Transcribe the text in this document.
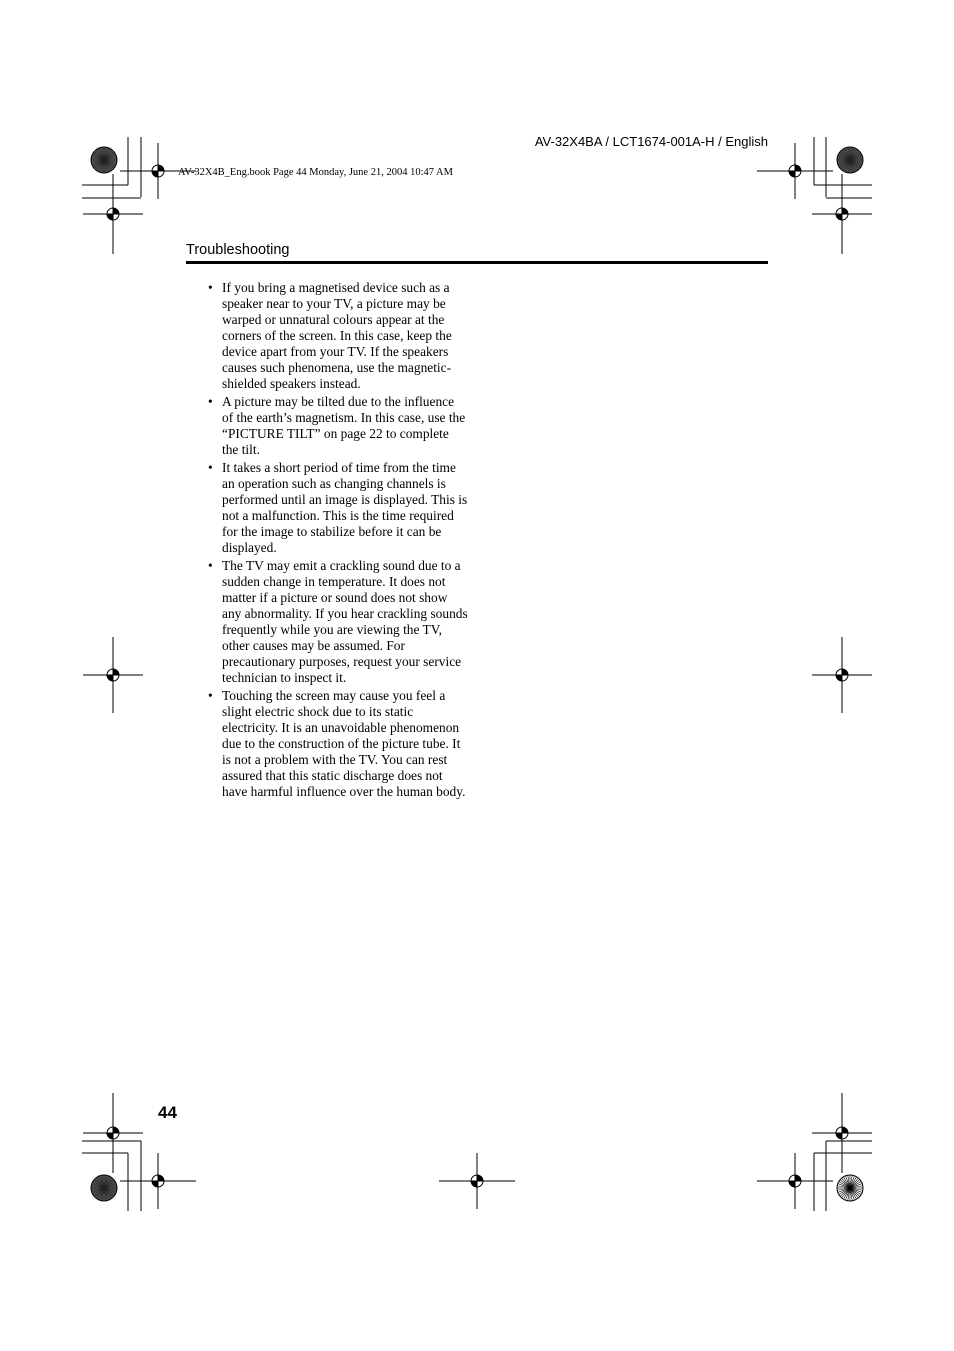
AV-32X4BA / LCT1674-001A-H / English
AV-32X4B_Eng.book Page 44 Monday, June 21, 2004 10:47 AM
Troubleshooting
• If you bring a magnetised device such as a speaker near to your TV, a picture may be warped or unnatural colours appear at the corners of the screen. In this case, keep the device apart from your TV. If the speakers causes such phenomena, use the magnetic-shielded speakers instead.
• A picture may be tilted due to the influence of the earth’s magnetism. In this case, use the “PICTURE TILT” on page 22 to complete the tilt.
• It takes a short period of time from the time an operation such as changing channels is performed until an image is displayed. This is not a malfunction. This is the time required for the image to stabilize before it can be displayed.
• The TV may emit a crackling sound due to a sudden change in temperature. It does not matter if a picture or sound does not show any abnormality. If you hear crackling sounds frequently while you are viewing the TV, other causes may be assumed. For precautionary purposes, request your service technician to inspect it.
• Touching the screen may cause you feel a slight electric shock due to its static electricity. It is an unavoidable phenomenon due to the construction of the picture tube. It is not a problem with the TV. You can rest assured that this static discharge does not have harmful influence over the human body.
44
